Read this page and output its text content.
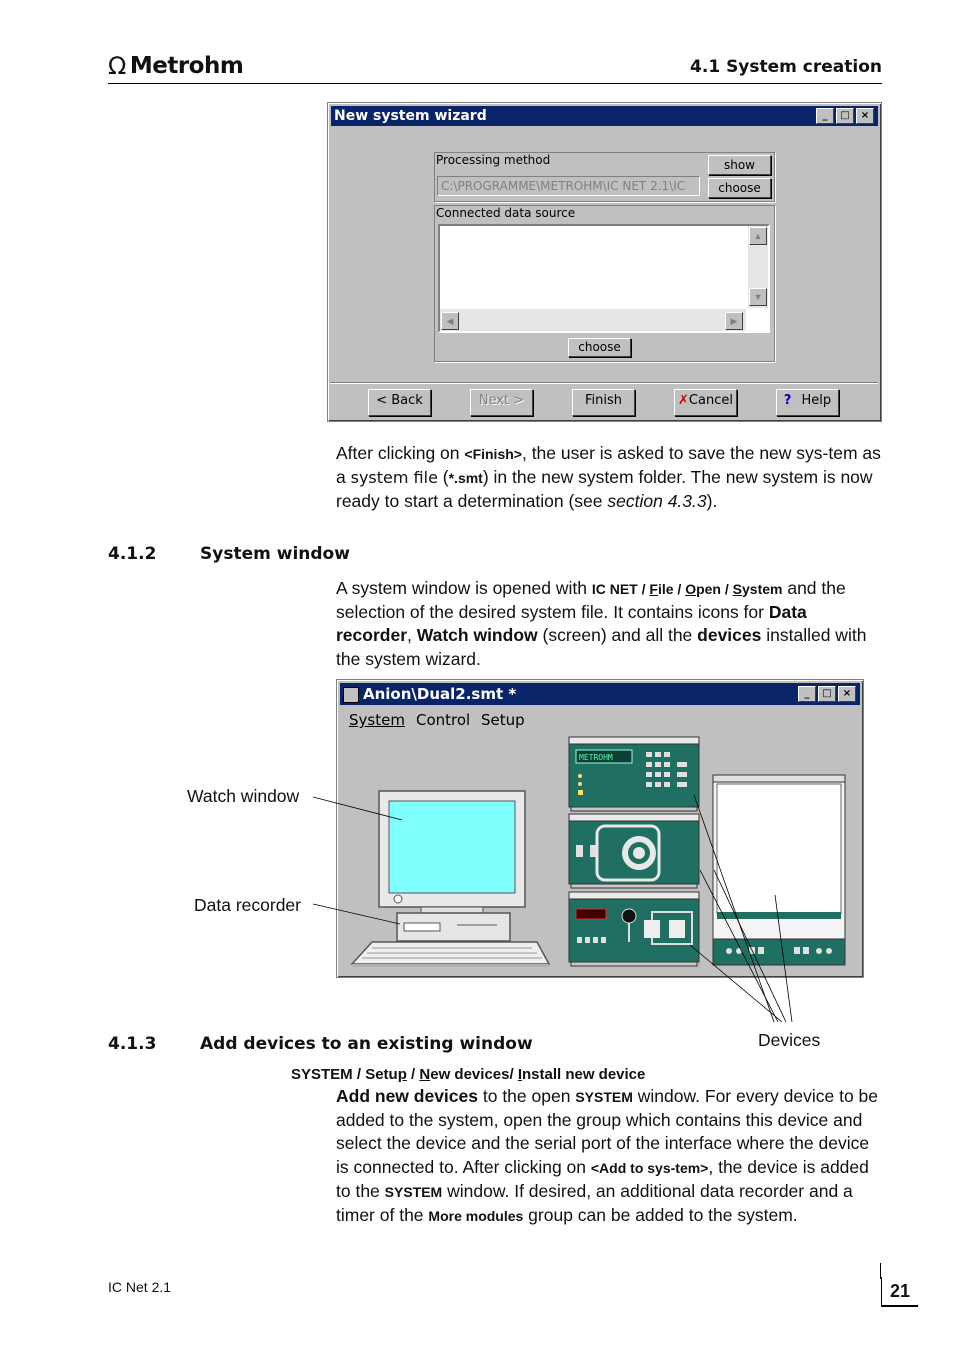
Ω Metrohm	4.1 System creation
New system wizard	_	□	×
Processing method
C:\PROGRAMME\METROHM\IC NET 2.1\IC
show
choose
Connected data source
▲
▼
◀	▶
choose
< Back	Next >	Finish	✗Cancel	? Help
After clicking on <Finish>, the user is asked to save the new sys-tem as a system file (*.smt) in the new system folder. The new system is now ready to start a determination (see section 4.3.3).
4.1.2	System window
A system window is opened with IC NET / File / Open / System and the selection of the desired system file. It contains icons for Data recorder, Watch window (screen) and all the devices installed with the system wizard.
Anion\Dual2.smt *	_	□	×
System Control Setup
METROHM
Watch window
Data recorder
Devices
4.1.3	Add devices to an existing window
SYSTEM / Setup / New devices/ Install new device
Add new devices to the open SYSTEM window. For every device to be added to the system, open the group which contains this device and select the device and the serial port of the interface where the device is connected to. After clicking on <Add to sys-tem>, the device is added to the SYSTEM window. If desired, an additional data recorder and a timer of the More modules group can be added to the system.
IC Net 2.1	21
